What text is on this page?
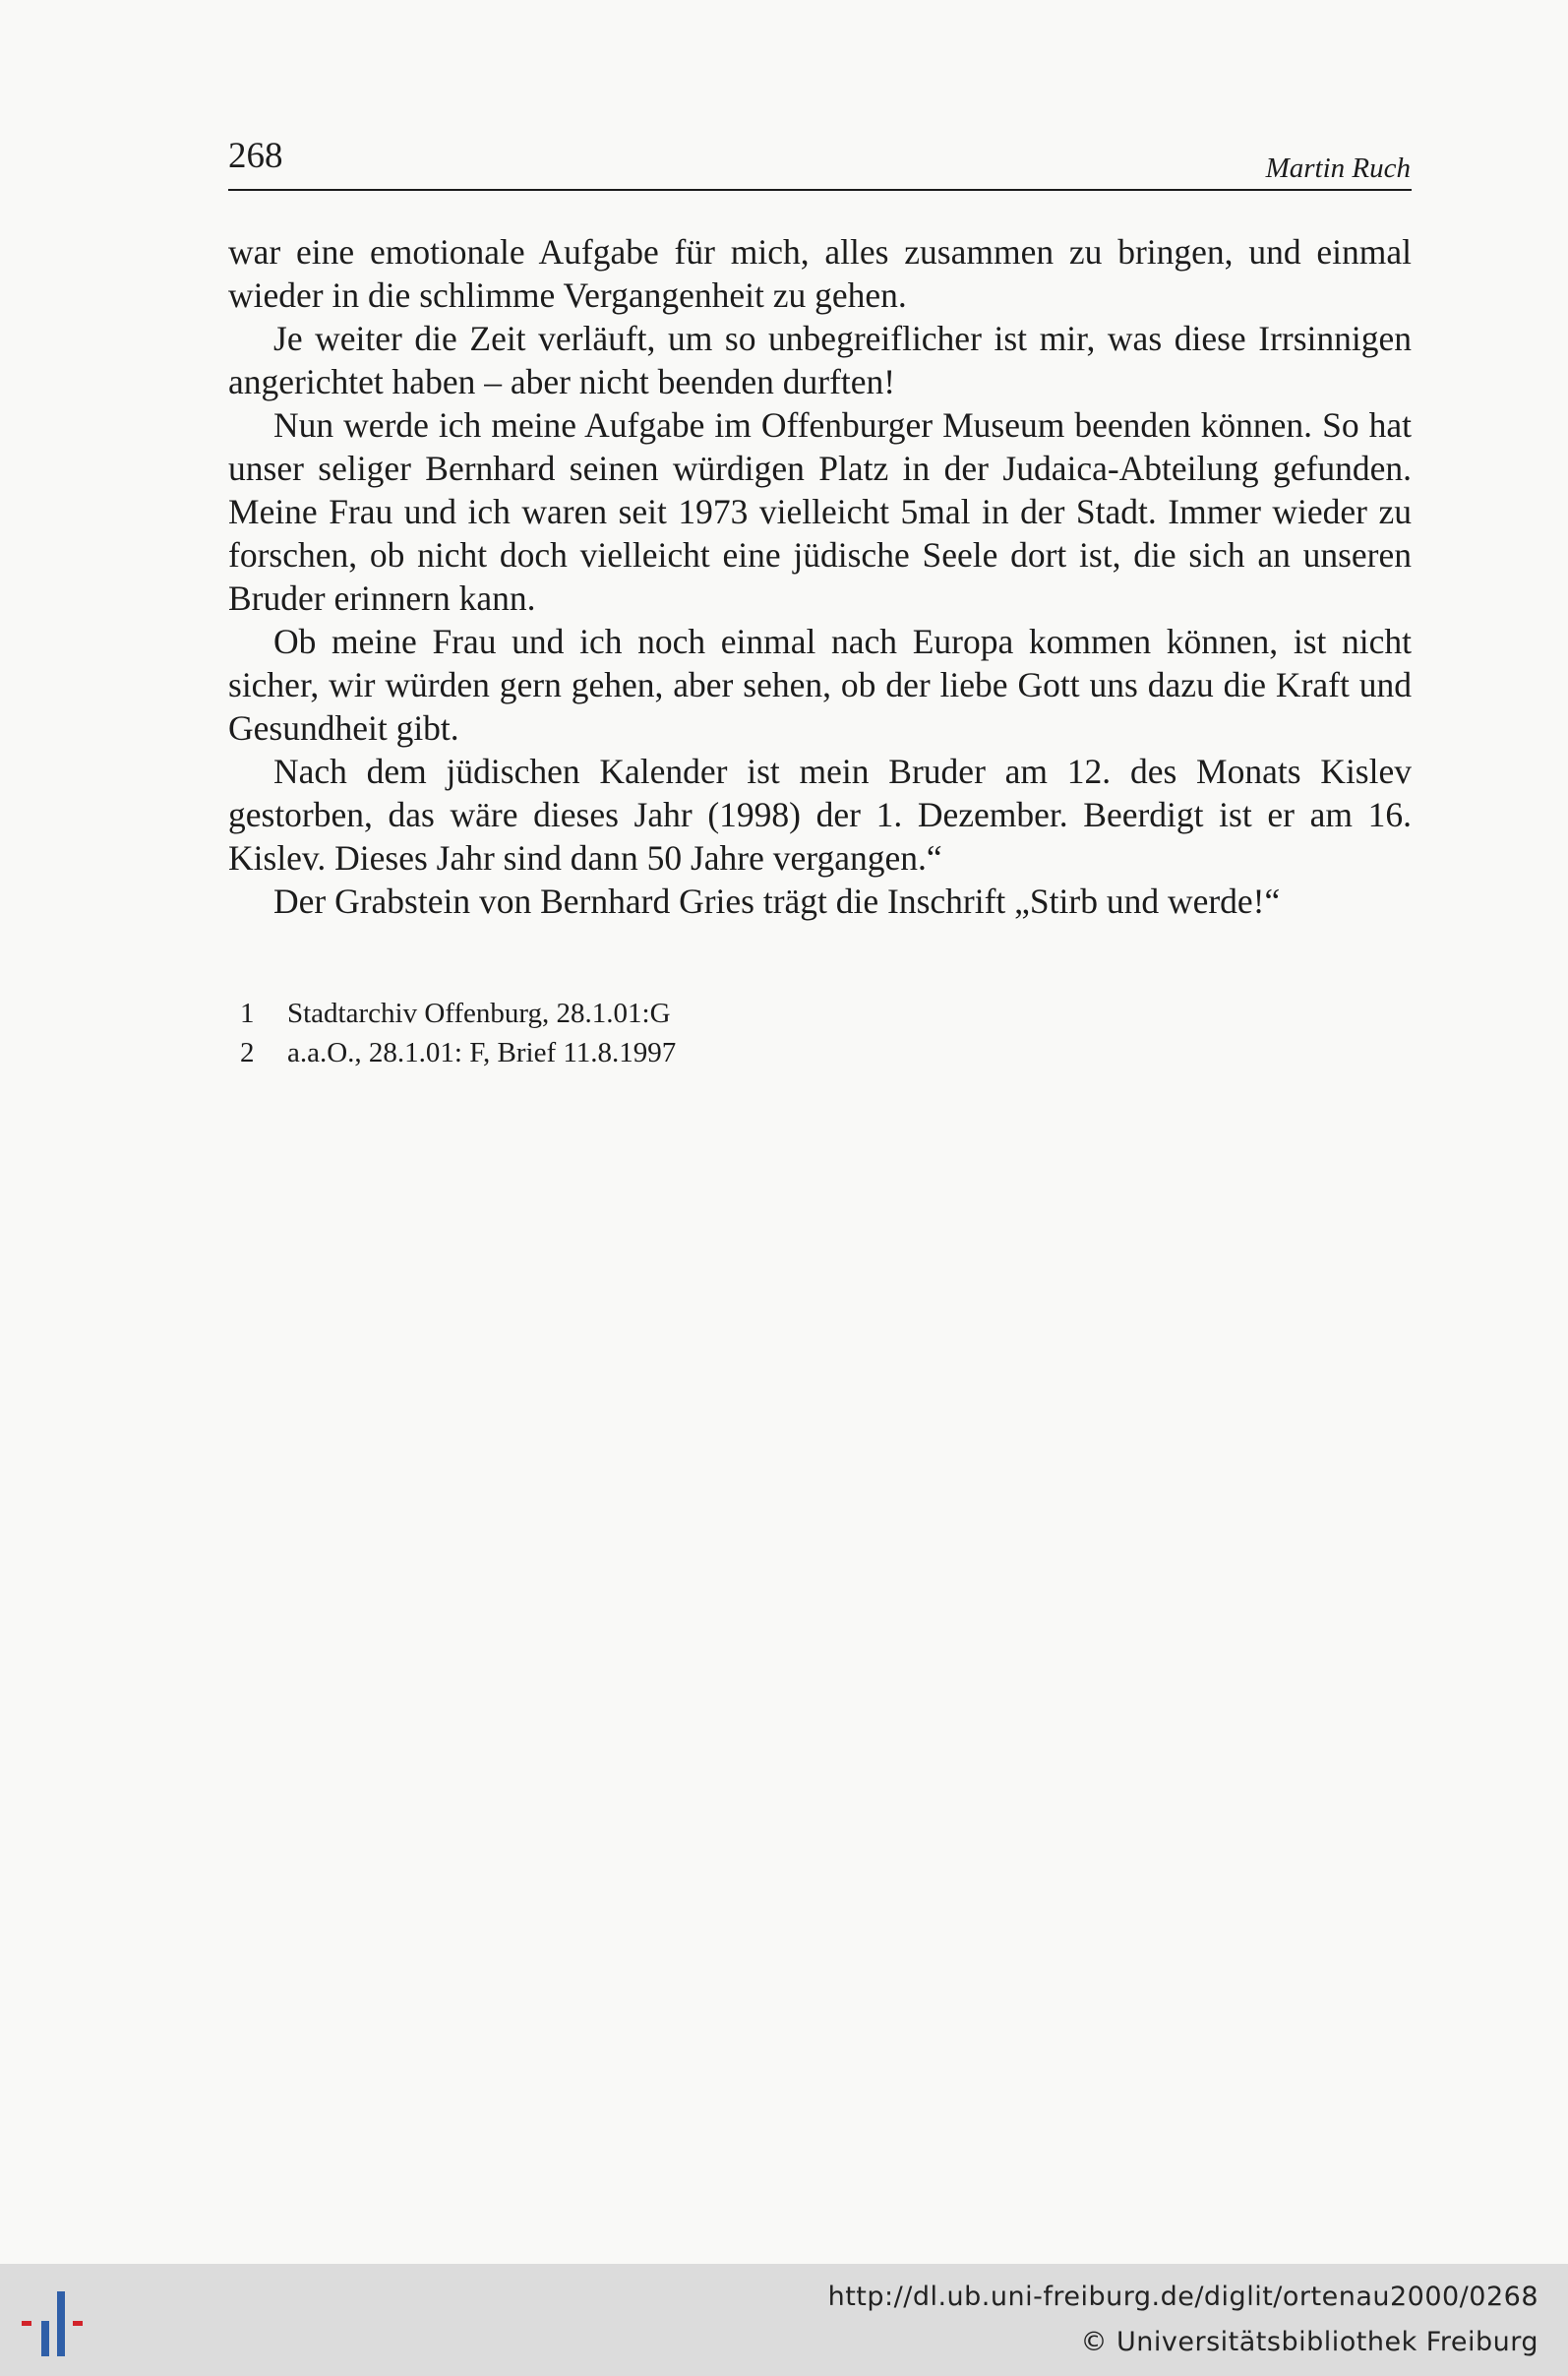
268	Martin Ruch

war eine emotionale Aufgabe für mich, alles zusammen zu bringen, und einmal wieder in die schlimme Vergangenheit zu gehen.

Je weiter die Zeit verläuft, um so unbegreiflicher ist mir, was diese Irrsinnigen angerichtet haben – aber nicht beenden durften!

Nun werde ich meine Aufgabe im Offenburger Museum beenden können. So hat unser seliger Bernhard seinen würdigen Platz in der Judaica-Abteilung gefunden. Meine Frau und ich waren seit 1973 vielleicht 5mal in der Stadt. Immer wieder zu forschen, ob nicht doch vielleicht eine jüdische Seele dort ist, die sich an unseren Bruder erinnern kann.

Ob meine Frau und ich noch einmal nach Europa kommen können, ist nicht sicher, wir würden gern gehen, aber sehen, ob der liebe Gott uns dazu die Kraft und Gesundheit gibt.

Nach dem jüdischen Kalender ist mein Bruder am 12. des Monats Kislev gestorben, das wäre dieses Jahr (1998) der 1. Dezember. Beerdigt ist er am 16. Kislev. Dieses Jahr sind dann 50 Jahre vergangen.“

Der Grabstein von Bernhard Gries trägt die Inschrift „Stirb und werde!“

1	Stadtarchiv Offenburg, 28.1.01:G
2	a.a.O., 28.1.01: F, Brief 11.8.1997
http://dl.ub.uni-freiburg.de/diglit/ortenau2000/0268
© Universitätsbibliothek Freiburg
